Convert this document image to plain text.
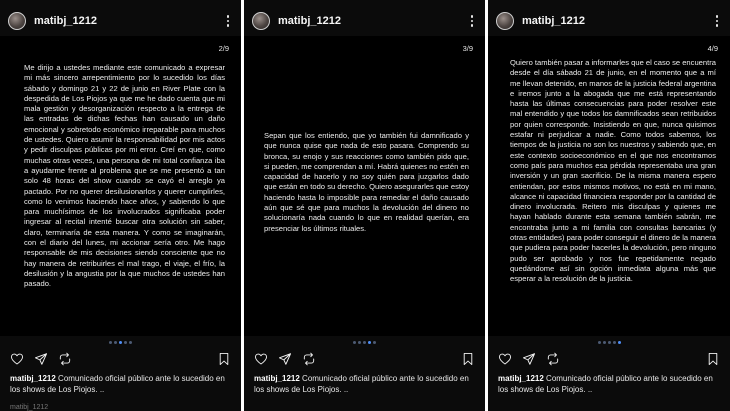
matibj_1212
2/9
Me dirijo a ustedes mediante este comunicado a expresar mi más sincero arrepentimiento por lo sucedido los días sábado y domingo 21 y 22 de junio en River Plate con la despedida de Los Piojos ya que me he dado cuenta que mi mala gestión y desorganización respecto a la entrega de las entradas de dichas fechas han causado un daño emocional y sobretodo económico irreparable para muchos de ustedes. Quiero asumir la responsabilidad por mis actos y pedir disculpas públicas por mi error. Creí en que, como muchas otras veces, una persona de mi total confianza iba a ayudarme frente al problema que se me presentó a tan solo 48 horas del show cuando se cayó el arreglo ya pactado. Por no querer desilusionarlos y querer cumplirles, como lo venimos haciendo hace años, y sabiendo lo que para muchísimos de los involucrados significaba poder ingresar al recital intenté buscar otra solución sin saber, claro, terminaría de esta manera. Y como se imaginarán, con el diario del lunes, mi accionar sería otro. Me hago responsable de mis decisiones siendo consciente que no hay manera de retribuirles el mal trago, el viaje, el frío, la desilusión y la angustia por la que muchos de ustedes han pasado.
matibj_1212 Comunicado oficial público ante lo sucedido en los shows de Los Piojos. ..
matibj_1212
matibj_1212
3/9
Sepan que los entiendo, que yo también fui damnificado y que nunca quise que nada de esto pasara. Comprendo su bronca, su enojo y sus reacciones como también pido que, si pueden, me comprendan a mí. Habrá quienes no estén en capacidad de hacerlo y no soy quién para juzgarlos dado que están en todo su derecho. Quiero asegurarles que estoy haciendo hasta lo imposible para remediar el daño causado aún que sé que para muchos la devolución del dinero no solucionaría nada cuando lo que en realidad querían, era presenciar los últimos rituales.
matibj_1212 Comunicado oficial público ante lo sucedido en los shows de Los Piojos. ..
matibj_1212
4/9
Quiero también pasar a informarles que el caso se encuentra desde el día sábado 21 de junio, en el momento que a mí me llevan detenido, en manos de la justicia federal argentina e iremos junto a la abogada que me está representando hasta las últimas consecuencias para poder resolver este mal entendido y que todos los damnificados sean retribuidos por quien corresponde. Insistiendo en que, nunca quisimos estafar ni perjudicar a nadie. Como todos sabemos, los tiempos de la justicia no son los nuestros y sabiendo que, en este contexto socioeconómico en el que nos encontramos como país para muchos esa pérdida representaba una gran inversión y un gran sacrificio. De la misma manera espero entiendan, por estos mismos motivos, no está en mi mano, alcance ni capacidad financiera responder por la cantidad de dinero involucrada. Reitero mis disculpas y quienes me hayan hablado durante esta semana también sabrán, me encontraba junto a mi familia con consultas bancarias (y otras entidades) para poder conseguir el dinero de la manera que pudiera para poder hacerles la devolución, pero ninguno pudo ser aprobado y nos fue repetidamente negado quedándome así sin opción inmediata alguna más que esperar a la resolución de la justicia.
matibj_1212 Comunicado oficial público ante lo sucedido en los shows de Los Piojos. ..
